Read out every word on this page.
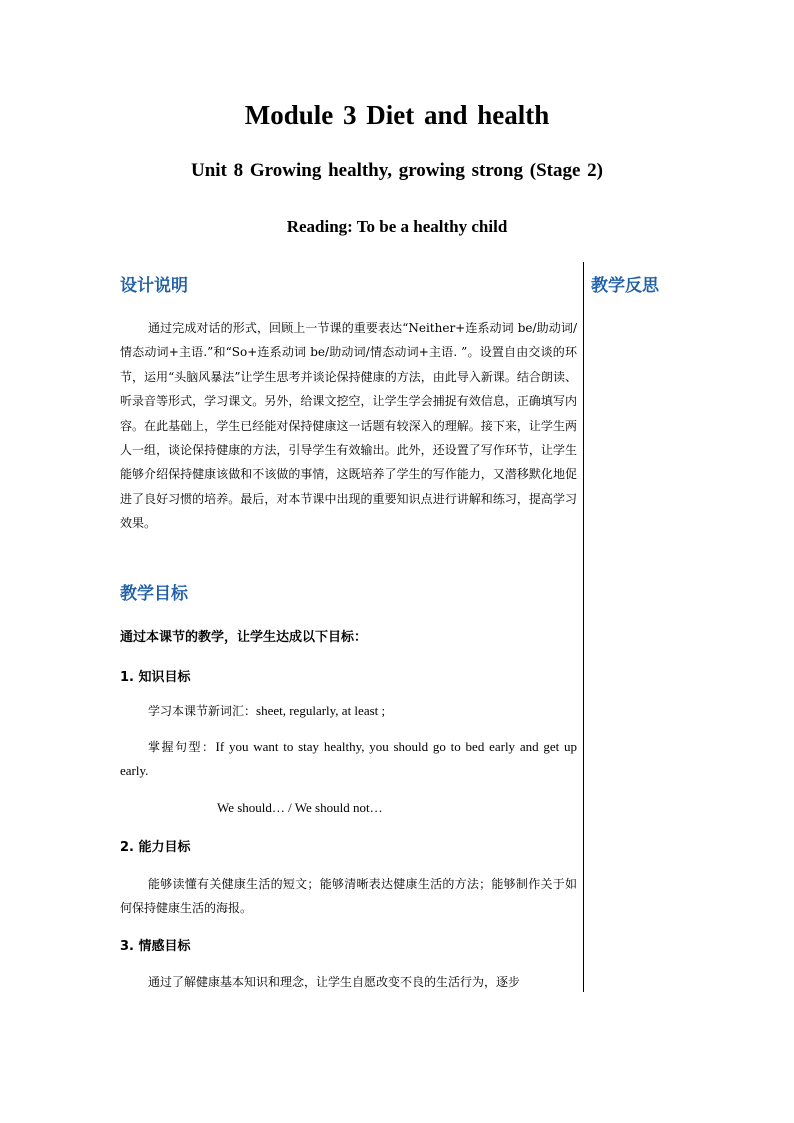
Module 3 Diet and health
Unit 8 Growing healthy, growing strong (Stage 2)
Reading: To be a healthy child
设计说明	教学反思
通过完成对话的形式，回顾上一节课的重要表达“Neither+连系动词 be/助动词/情态动词+主语.”和“So+连系动词 be/助动词/情态动词+主语. ”。设置自由交谈的环节，运用“头脑风暴法”让学生思考并谈论保持健康的方法，由此导入新课。结合朗读、听录音等形式，学习课文。另外，给课文挖空，让学生学会捕捉有效信息，正确填写内容。在此基础上，学生已经能对保持健康这一话题有较深入的理解。接下来，让学生两人一组，谈论保持健康的方法，引导学生有效输出。此外，还设置了写作环节，让学生能够介绍保持健康该做和不该做的事情，这既培养了学生的写作能力，又潜移默化地促进了良好习惯的培养。最后，对本节课中出现的重要知识点进行讲解和练习，提高学习效果。
教学目标
通过本课节的教学，让学生达成以下目标：
1. 知识目标
学习本课节新词汇：sheet, regularly, at least ;
掌握句型：If you want to stay healthy, you should go to bed early and get up early.
We should… / We should not…
2. 能力目标
能够读懂有关健康生活的短文；能够清晰表达健康生活的方法；能够制作关于如何保持健康生活的海报。
3. 情感目标
通过了解健康基本知识和理念，让学生自愿改变不良的生活行为，逐步
